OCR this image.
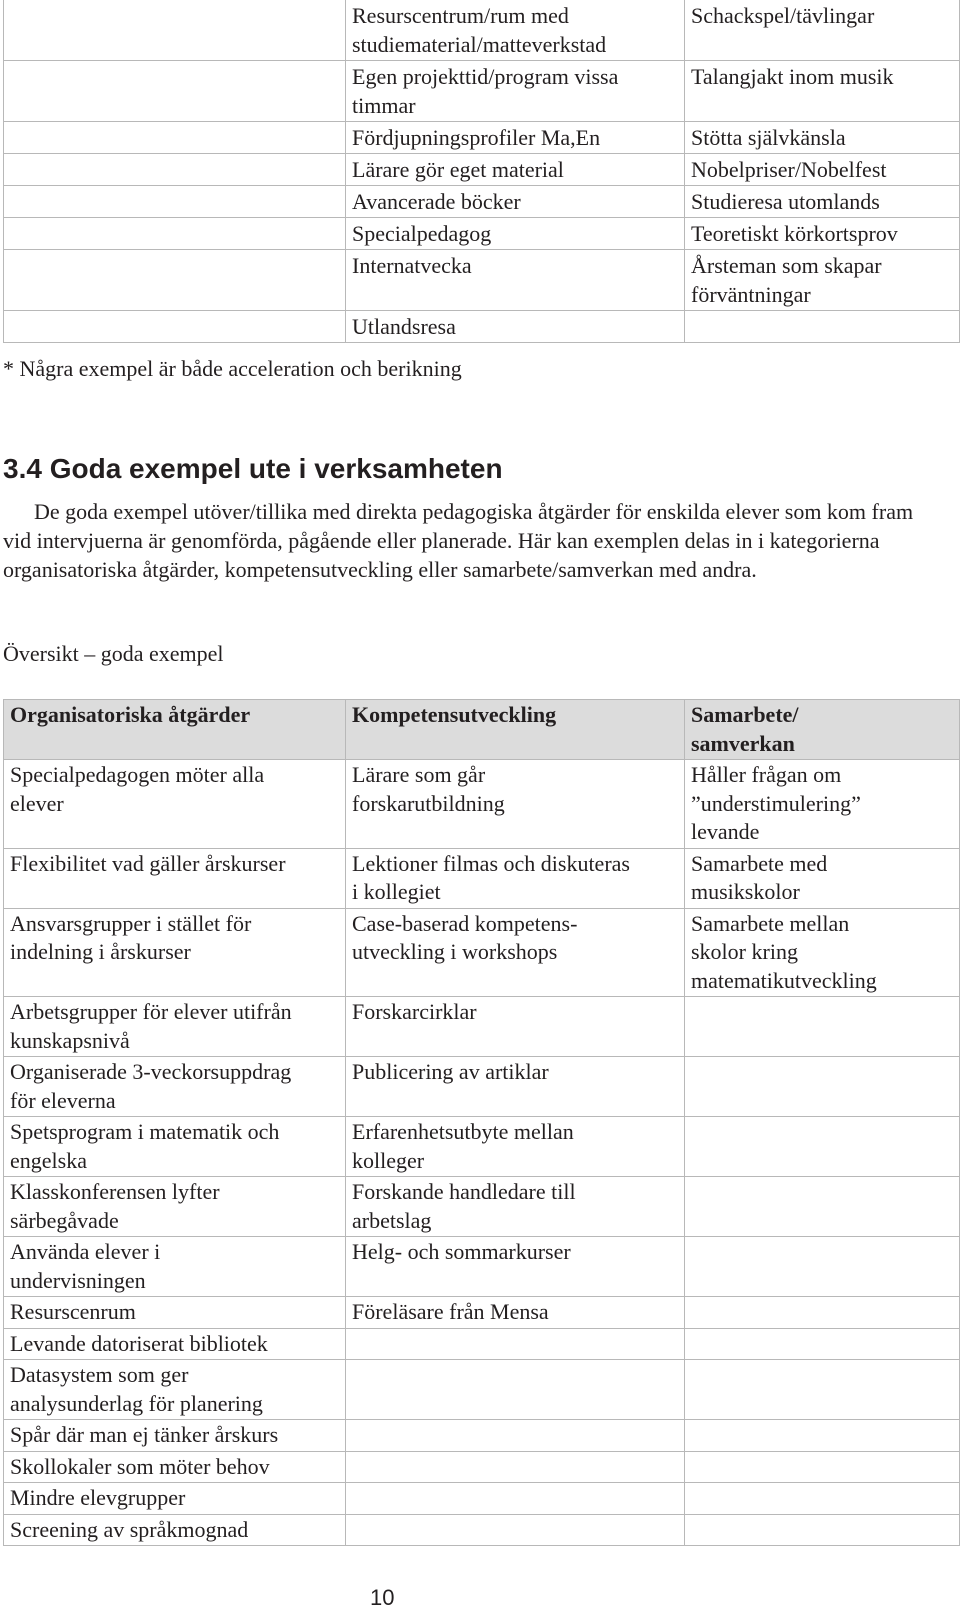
	Resurscentrum/rum med
studiematerial/matteverkstad	Schackspel/tävlingar

	Egen projekttid/program vissa
timmar	Talangjakt inom musik

	Fördjupningsprofiler Ma,En	Stötta självkänsla

	Lärare gör eget material	Nobelpriser/Nobelfest

	Avancerade böcker	Studieresa utomlands

	Specialpedagog	Teoretiskt körkortsprov

	Internatvecka	Årsteman som skapar
förväntningar

	Utlandsresa	

* Några exempel är både acceleration och berikning
3.4 Goda exempel ute i verksamheten

De goda exempel utöver/tillika med direkta pedagogiska åtgärder för enskilda elever som kom fram vid intervjuerna är genomförda, pågående eller planerade. Här kan exemplen delas in i kategorierna organisatoriska åtgärder, kompetensutveckling eller samarbete/samverkan med andra.

Översikt – goda exempel
Organisatoriska åtgärder	Kompetensutveckling	Samarbete/
samverkan

Specialpedagogen möter alla
elever	Lärare som går
forskarutbildning	Håller frågan om
”understimulering”
levande

Flexibilitet vad gäller årskurser	Lektioner filmas och diskuteras
i kollegiet	Samarbete med
musikskolor

Ansvarsgrupper i stället för
indelning i årskurser	Case-baserad kompetens-
utveckling i workshops	Samarbete mellan
skolor kring
matematikutveckling

Arbetsgrupper för elever utifrån
kunskapsnivå	Forskarcirklar	

Organiserade 3-veckorsuppdrag
för eleverna	Publicering av artiklar	

Spetsprogram i matematik och
engelska	Erfarenhetsutbyte mellan
kolleger	

Klasskonferensen lyfter
särbegåvade	Forskande handledare till
arbetslag	

Använda elever i
undervisningen	Helg- och sommarkurser	

Resurscenrum	Föreläsare från Mensa	

Levande datoriserat bibliotek		

Datasystem som ger
analysunderlag för planering		

Spår där man ej tänker årskurs		

Skollokaler som möter behov		

Mindre elevgrupper		

Screening av språkmognad		

10
